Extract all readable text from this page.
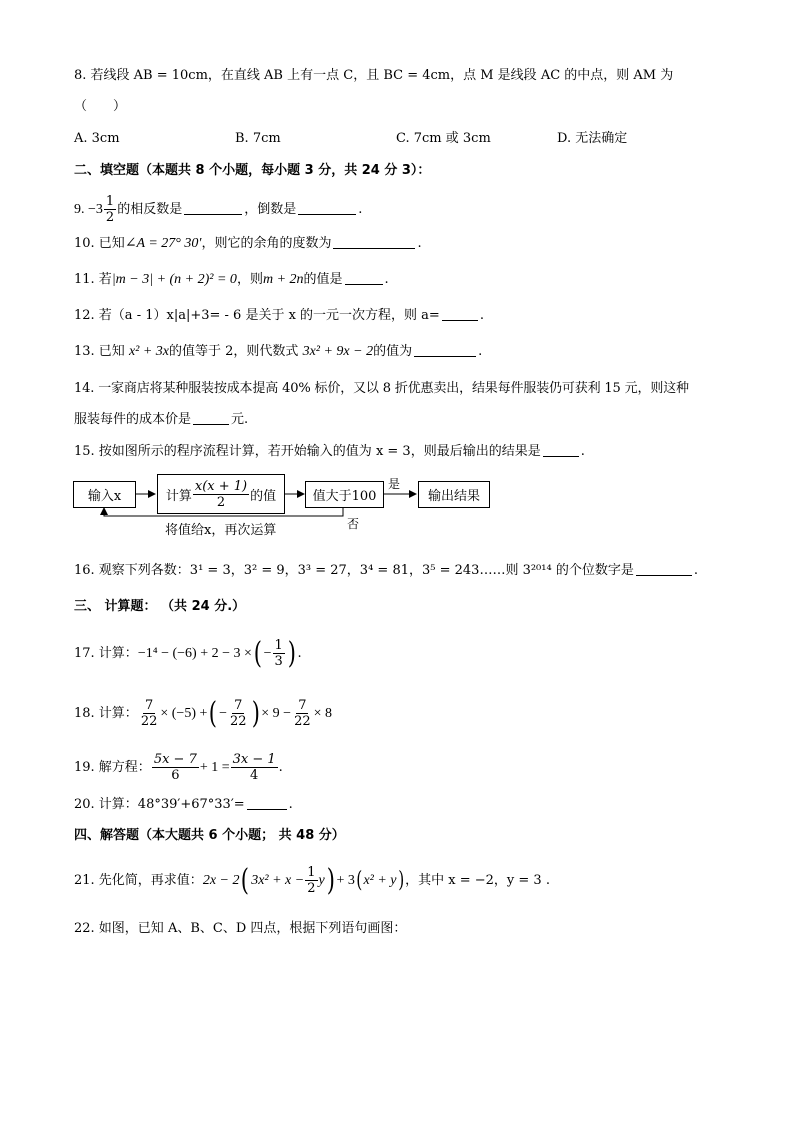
8. 若线段 AB = 10cm，在直线 AB 上有一点 C，且 BC = 4cm，点 M 是线段 AC 的中点，则 AM 为
（　　）
A. 3cm	B. 7cm	C. 7cm 或 3cm	D. 无法确定
二、填空题（本题共 8 个小题，每小题 3 分，共 24 分 3）：
9. $-3 \frac{1}{2}$ 的相反数是	，倒数是	.
10. 已知∠A = 27° 30′，则它的余角的度数为	.
11. 若|m − 3| + (n + 2)² = 0，则m + 2n的值是	.
12. 若（a - 1）x|a|+3= - 6 是关于 x 的一元一次方程，则 a=	.
13. 已知 x² + 3x的值等于 2，则代数式 3x² + 9x − 2的值为	.
14. 一家商店将某种服装按成本提高 40% 标价，又以 8 折优惠卖出，结果每件服装仍可获利 15 元，则这种
服装每件的成本价是	元.
15. 按如图所示的程序流程计算，若开始输入的值为 x = 3，则最后输出的结果是	.
输入x	计算 $\frac{x(x + 1)}{2}$ 的值	值大于100	输出结果
是
否
将值给x，再次运算
16. 观察下列各数：3¹ = 3，3² = 9，3³ = 27，3⁴ = 81，3⁵ = 243……则 3²⁰¹⁴ 的个位数字是	.
三、 计算题： （共 24 分.）
17. 计算：−1⁴ − (−6) + 2 − 3 ×( − $\frac{1}{3}$ ) .
18. 计算： $\frac{7}{22} \times (-5)$ +( − $\frac{7}{22}$ ) × $9 - \frac{7}{22} \times 8$
19. 解方程： $\frac{5x - 7}{6} + 1 = \frac{3x - 1}{4}$ .
20. 计算：48°39′+67°33′=	.
四、解答题（本大题共 6 个小题； 共 48 分）
21. 先化简，再求值：2x − 2( $3x^2 + x - \frac{1}{2} y) + 3(x^2 + y)$，其中 x = −2，y = 3 .
22. 如图，已知 A、B、C、D 四点，根据下列语句画图：
